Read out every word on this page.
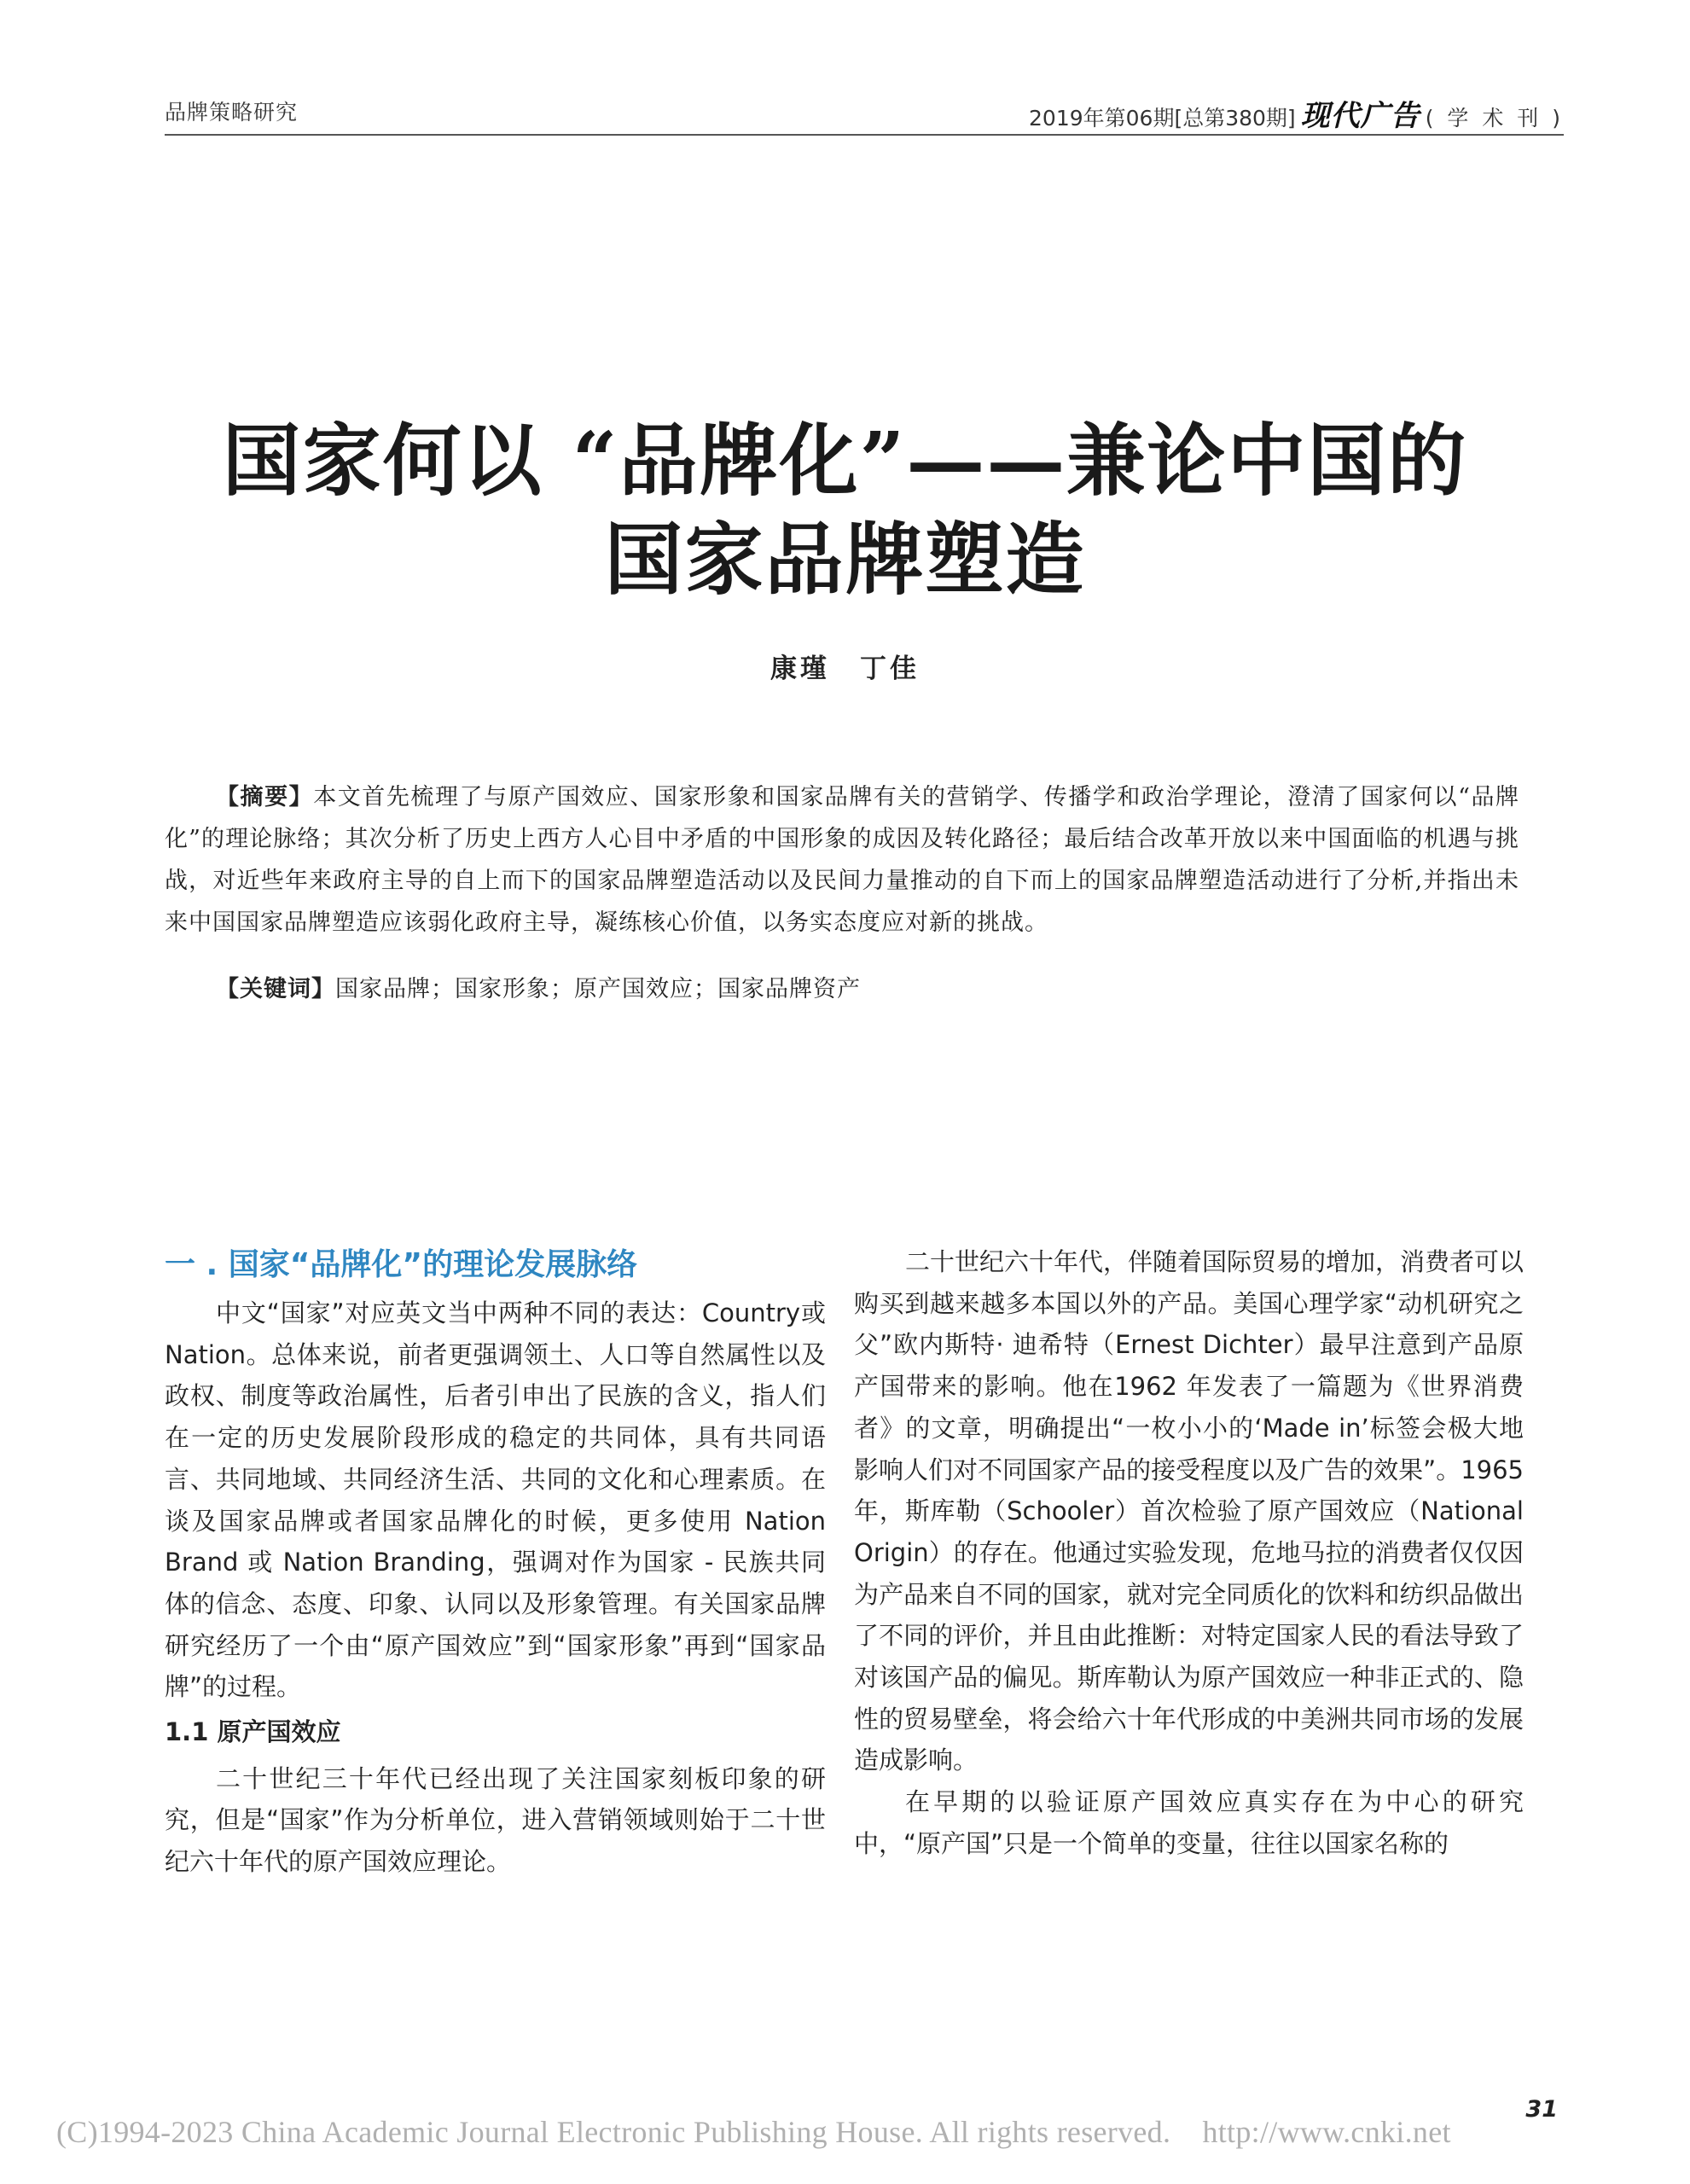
品牌策略研究	2019年第06期[总第380期] 现代广告 ( 学 术 刊 )
国家何以 “品牌化”——兼论中国的
国家品牌塑造
康瑾　丁佳
【摘要】本文首先梳理了与原产国效应、国家形象和国家品牌有关的营销学、传播学和政治学理论，澄清了国家何以“品牌化”的理论脉络；其次分析了历史上西方人心目中矛盾的中国形象的成因及转化路径；最后结合改革开放以来中国面临的机遇与挑战，对近些年来政府主导的自上而下的国家品牌塑造活动以及民间力量推动的自下而上的国家品牌塑造活动进行了分析,并指出未来中国国家品牌塑造应该弱化政府主导，凝练核心价值，以务实态度应对新的挑战。
【关键词】国家品牌；国家形象；原产国效应；国家品牌资产
一 . 国家“品牌化”的理论发展脉络

中文“国家”对应英文当中两种不同的表达：Country或 Nation。总体来说，前者更强调领土、人口等自然属性以及政权、制度等政治属性，后者引申出了民族的含义，指人们在一定的历史发展阶段形成的稳定的共同体，具有共同语言、共同地域、共同经济生活、共同的文化和心理素质。在谈及国家品牌或者国家品牌化的时候，更多使用 Nation Brand 或 Nation Branding，强调对作为国家 - 民族共同体的信念、态度、印象、认同以及形象管理。有关国家品牌研究经历了一个由“原产国效应”到“国家形象”再到“国家品牌”的过程。

1.1 原产国效应

二十世纪三十年代已经出现了关注国家刻板印象的研究，但是“国家”作为分析单位，进入营销领域则始于二十世纪六十年代的原产国效应理论。

二十世纪六十年代，伴随着国际贸易的增加，消费者可以购买到越来越多本国以外的产品。美国心理学家“动机研究之父”欧内斯特· 迪希特（Ernest Dichter）最早注意到产品原产国带来的影响。他在1962 年发表了一篇题为《世界消费者》的文章，明确提出“一枚小小的‘Made in’标签会极大地影响人们对不同国家产品的接受程度以及广告的效果”。1965年，斯库勒（Schooler）首次检验了原产国效应（National Origin）的存在。他通过实验发现，危地马拉的消费者仅仅因为产品来自不同的国家，就对完全同质化的饮料和纺织品做出了不同的评价，并且由此推断：对特定国家人民的看法导致了对该国产品的偏见。斯库勒认为原产国效应一种非正式的、隐性的贸易壁垒，将会给六十年代形成的中美洲共同市场的发展造成影响。

在早期的以验证原产国效应真实存在为中心的研究中，“原产国”只是一个简单的变量，往往以国家名称的

31
(C)1994-2023 China Academic Journal Electronic Publishing House. All rights reserved.    http://www.cnki.net
